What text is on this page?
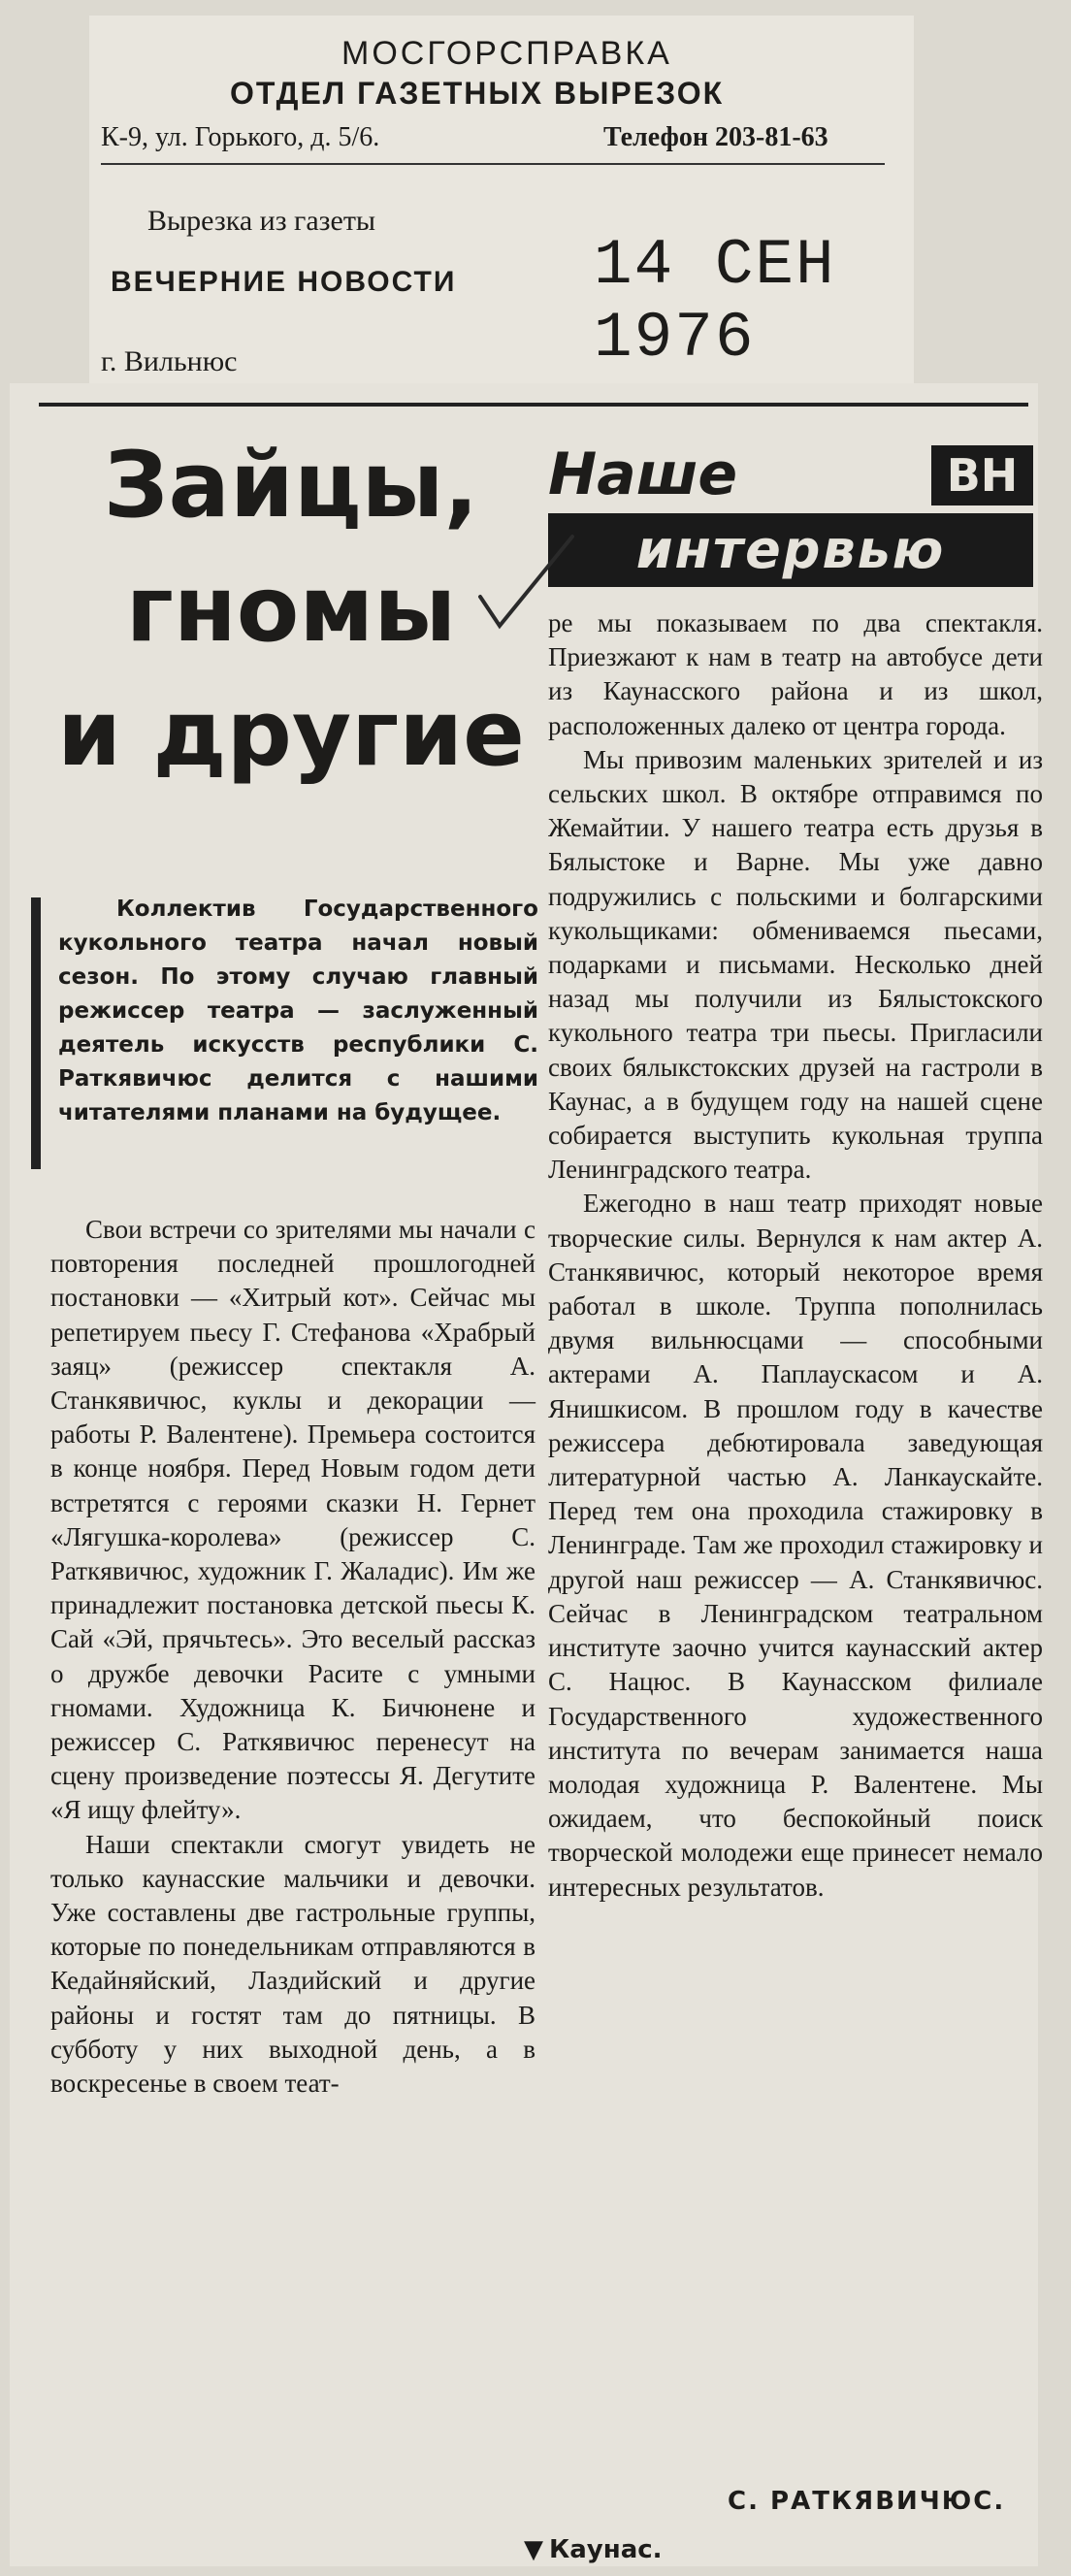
МОСГОРСПРАВКА
ОТДЕЛ ГАЗЕТНЫХ ВЫРЕЗОК
К-9, ул. Горького, д. 5/6.	Телефон 203-81-63
Вырезка из газеты
ВЕЧЕРНИЕ НОВОСТИ 14 СЕН 1976
г. Вильнюс
Зайцы,
гномы
и другие
Наше	ВН
интервью

Коллектив Государственного кукольного театра начал новый сезон. По этому случаю главный режиссер театра — заслуженный деятель искусств республики С. Раткявичюс делится с нашими читателями планами на будущее.

Свои встречи со зрителями мы начали с повторения последней прошлогодней постановки — «Хитрый кот». Сейчас мы репетируем пьесу Г. Стефанова «Храбрый заяц» (режиссер спектакля А. Станкявичюс, куклы и декорации — работы Р. Валентене). Премьера состоится в конце ноября. Перед Новым годом дети встретятся с героями сказки Н. Гернет «Лягушка-королева» (режиссер С. Раткявичюс, художник Г. Жаладис). Им же принадлежит постановка детской пьесы К. Сай «Эй, прячьтесь». Это веселый рассказ о дружбе девочки Расите с умными гномами. Художница К. Бичюнене и режиссер С. Раткявичюс перенесут на сцену произведение поэтессы Я. Дегутите «Я ищу флейту».

Наши спектакли смогут увидеть не только каунасские мальчики и девочки. Уже составлены две гастрольные группы, которые по понедельникам отправляются в Кедайняйский, Лаздийский и другие районы и гостят там до пятницы. В субботу у них выходной день, а в воскресенье в своем теат-

ре мы показываем по два спектакля. Приезжают к нам в театр на автобусе дети из Каунасского района и из школ, расположенных далеко от центра города.

Мы привозим маленьких зрителей и из сельских школ. В октябре отправимся по Жемайтии. У нашего театра есть друзья в Бялыстоке и Варне. Мы уже давно подружились с польскими и болгарскими кукольщиками: обмениваемся пьесами, подарками и письмами. Несколько дней назад мы получили из Бялыстокского кукольного театра три пьесы. Пригласили своих бялыкстокских друзей на гастроли в Каунас, а в будущем году на нашей сцене собирается выступить кукольная труппа Ленинградского театра.

Ежегодно в наш театр приходят новые творческие силы. Вернулся к нам актер А. Станкявичюс, который некоторое время работал в школе. Труппа пополнилась двумя вильнюсцами — способными актерами А. Паплаускасом и А. Янишкисом. В прошлом году в качестве режиссера дебютировала заведующая литературной частью А. Ланкаускайте. Перед тем она проходила стажировку в Ленинграде. Там же проходил стажировку и другой наш режиссер — А. Станкявичюс. Сейчас в Ленинградском театральном институте заочно учится каунасский актер С. Нацюс. В Каунасском филиале Государственного художественного института по вечерам занимается наша молодая художница Р. Валентене. Мы ожидаем, что беспокойный поиск творческой молодежи еще принесет немало интересных результатов.

С. РАТКЯВИЧЮС.
▼ Каунас.
